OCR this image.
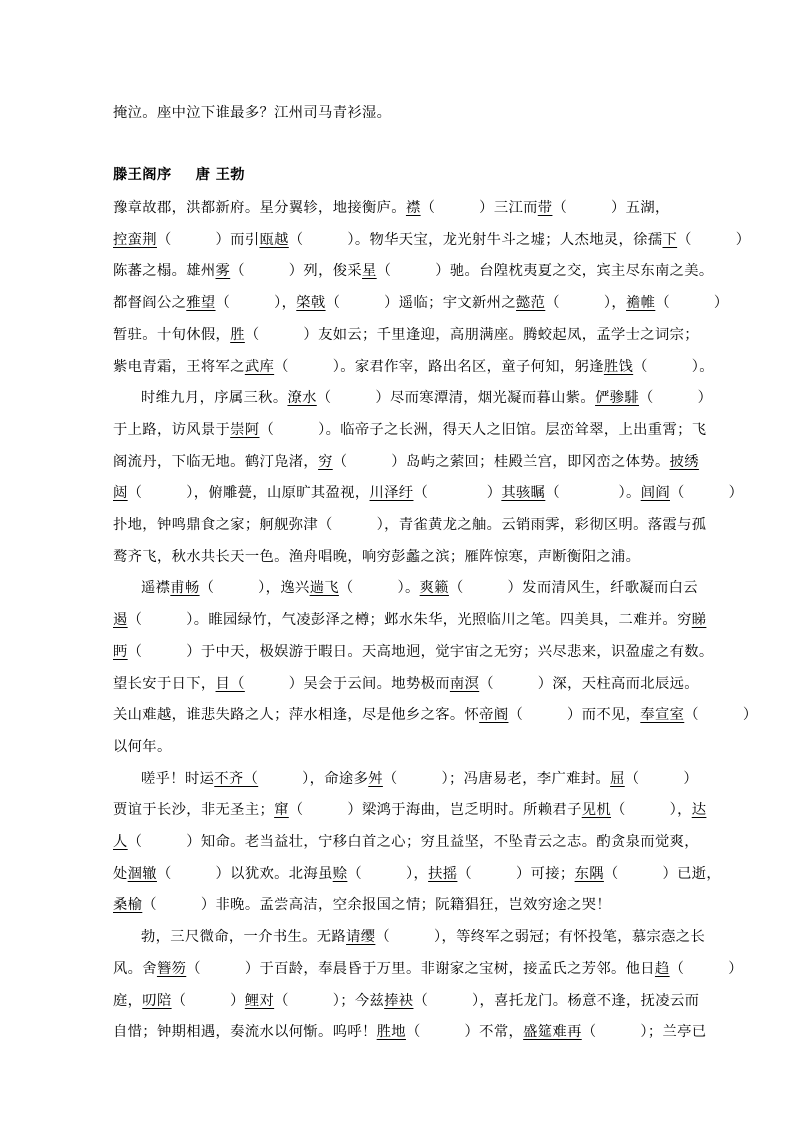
掩泣。座中泣下谁最多？江州司马青衫湿。
滕王阁序 唐 王勃
豫章故郡，洪都新府。星分翼轸，地接衡庐。襟（　　　）三江而带（　　　）五湖，
控蛮荆（　　　）而引瓯越（　　　）。物华天宝，龙光射牛斗之墟；人杰地灵，徐孺下（　　　）
陈蕃之榻。雄州雾（　　　）列，俊采星（　　　）驰。台隍枕夷夏之交，宾主尽东南之美。
都督阎公之雅望（　　　），棨戟（　　　）遥临；宇文新州之懿范（　　　），襜帷（　　　）
暂驻。十旬休假，胜（　　　）友如云；千里逢迎，高朋满座。腾蛟起凤，孟学士之词宗；
紫电青霜，王将军之武库（　　　）。家君作宰，路出名区，童子何知，躬逢胜饯（　　　）。
时维九月，序属三秋。潦水（　　　）尽而寒潭清，烟光凝而暮山紫。俨骖騑（　　　）
于上路，访风景于崇阿（　　　）。临帝子之长洲，得天人之旧馆。层峦耸翠，上出重霄；飞
阁流丹，下临无地。鹤汀凫渚，穷（　　　）岛屿之萦回；桂殿兰宫，即冈峦之体势。披绣
闼（　　　），俯雕甍，山原旷其盈视，川泽纡（　　　　）其骇瞩（　　　　）。闾阎（　　　）
扑地，钟鸣鼎食之家；舸舰弥津（　　　），青雀黄龙之舳。云销雨霁，彩彻区明。落霞与孤
鹜齐飞，秋水共长天一色。渔舟唱晚，响穷彭蠡之滨；雁阵惊寒，声断衡阳之浦。
遥襟甫畅（　　　），逸兴遄飞（　　　）。爽籁（　　　）发而清风生，纤歌凝而白云
遏（　　　）。睢园绿竹，气凌彭泽之樽；邺水朱华，光照临川之笔。四美具，二难并。穷睇
眄（　　　）于中天，极娱游于暇日。天高地迥，觉宇宙之无穷；兴尽悲来，识盈虚之有数。
望长安于日下，目（　　　）吴会于云间。地势极而南溟（　　　）深，天柱高而北辰远。
关山难越，谁悲失路之人；萍水相逢，尽是他乡之客。怀帝阍（　　　）而不见，奉宣室（　　　）
以何年。
嗟乎！时运不齐（　　　），命途多舛（　　　）；冯唐易老，李广难封。屈（　　　）
贾谊于长沙，非无圣主；窜（　　　）梁鸿于海曲，岂乏明时。所赖君子见机（　　　），达
人（　　　）知命。老当益壮，宁移白首之心；穷且益坚，不坠青云之志。酌贪泉而觉爽，
处涸辙（　　　）以犹欢。北海虽赊（　　　），扶摇（　　　）可接；东隅（　　　）已逝，
桑榆（　　　）非晚。孟尝高洁，空余报国之情；阮籍猖狂，岂效穷途之哭！
勃，三尺微命，一介书生。无路请缨（　　　），等终军之弱冠；有怀投笔，慕宗悫之长
风。舍簪笏（　　　）于百龄，奉晨昏于万里。非谢家之宝树，接孟氏之芳邻。他日趋（　　　）
庭，叨陪（　　　）鲤对（　　　）；今兹捧袂（　　　），喜托龙门。杨意不逢，抚凌云而
自惜；钟期相遇，奏流水以何惭。呜呼！胜地（　　　）不常，盛筵难再（　　　）；兰亭已
